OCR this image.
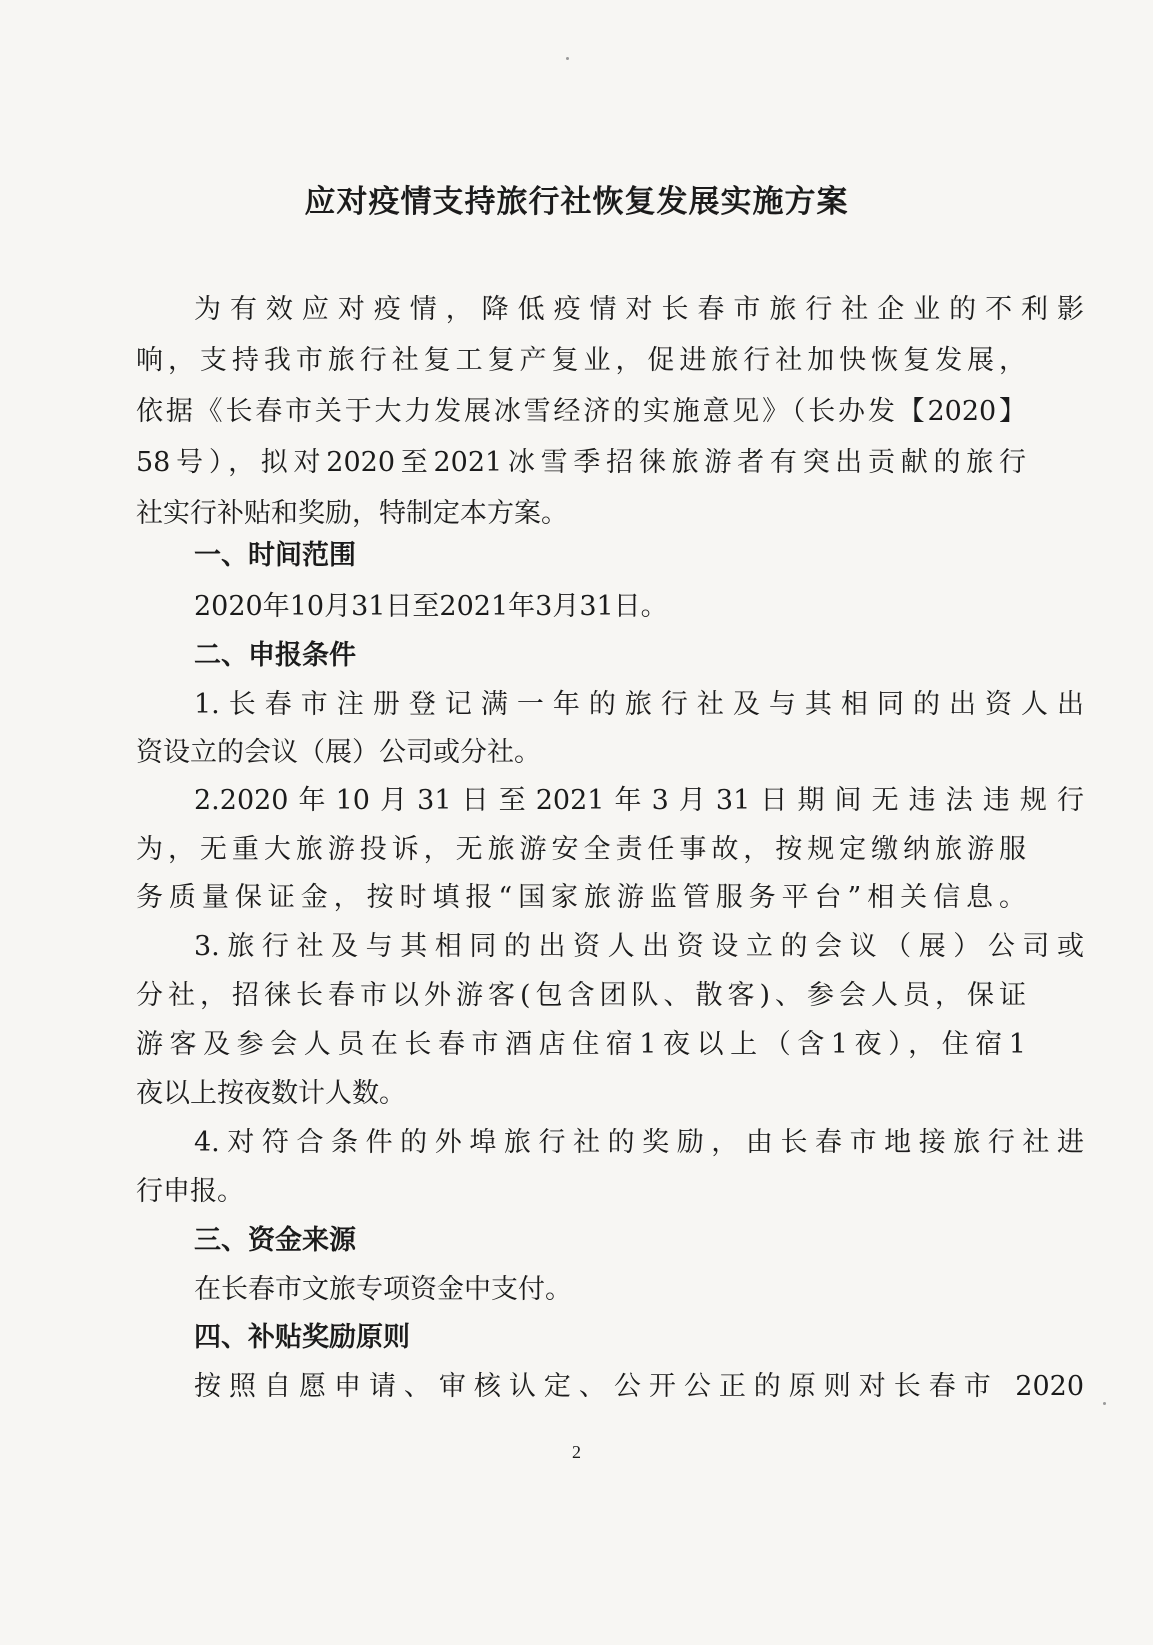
应对疫情支持旅行社恢复发展实施方案
为有效应对疫情，降低疫情对长春市旅行社企业的不利影
响，支持我市旅行社复工复产复业，促进旅行社加快恢复发展，
依据《长春市关于大力发展冰雪经济的实施意见》（长办发【2020】
58号），拟对2020至2021冰雪季招徕旅游者有突出贡献的旅行
社实行补贴和奖励，特制定本方案。
一、时间范围
2020年10月31日至2021年3月31日。
二、申报条件
1.长春市注册登记满一年的旅行社及与其相同的出资人出
资设立的会议（展）公司或分社。
2.2020年10月31日至2021年3月31日期间无违法违规行
为，无重大旅游投诉，无旅游安全责任事故，按规定缴纳旅游服
务质量保证金，按时填报“国家旅游监管服务平台”相关信息。
3.旅行社及与其相同的出资人出资设立的会议（展）公司或
分社，招徕长春市以外游客(包含团队、散客)、参会人员，保证
游客及参会人员在长春市酒店住宿1夜以上（含1夜），住宿1
夜以上按夜数计人数。
4.对符合条件的外埠旅行社的奖励，由长春市地接旅行社进
行申报。
三、资金来源
在长春市文旅专项资金中支付。
四、补贴奖励原则
按照自愿申请、审核认定、公开公正的原则对长春市 2020
2
